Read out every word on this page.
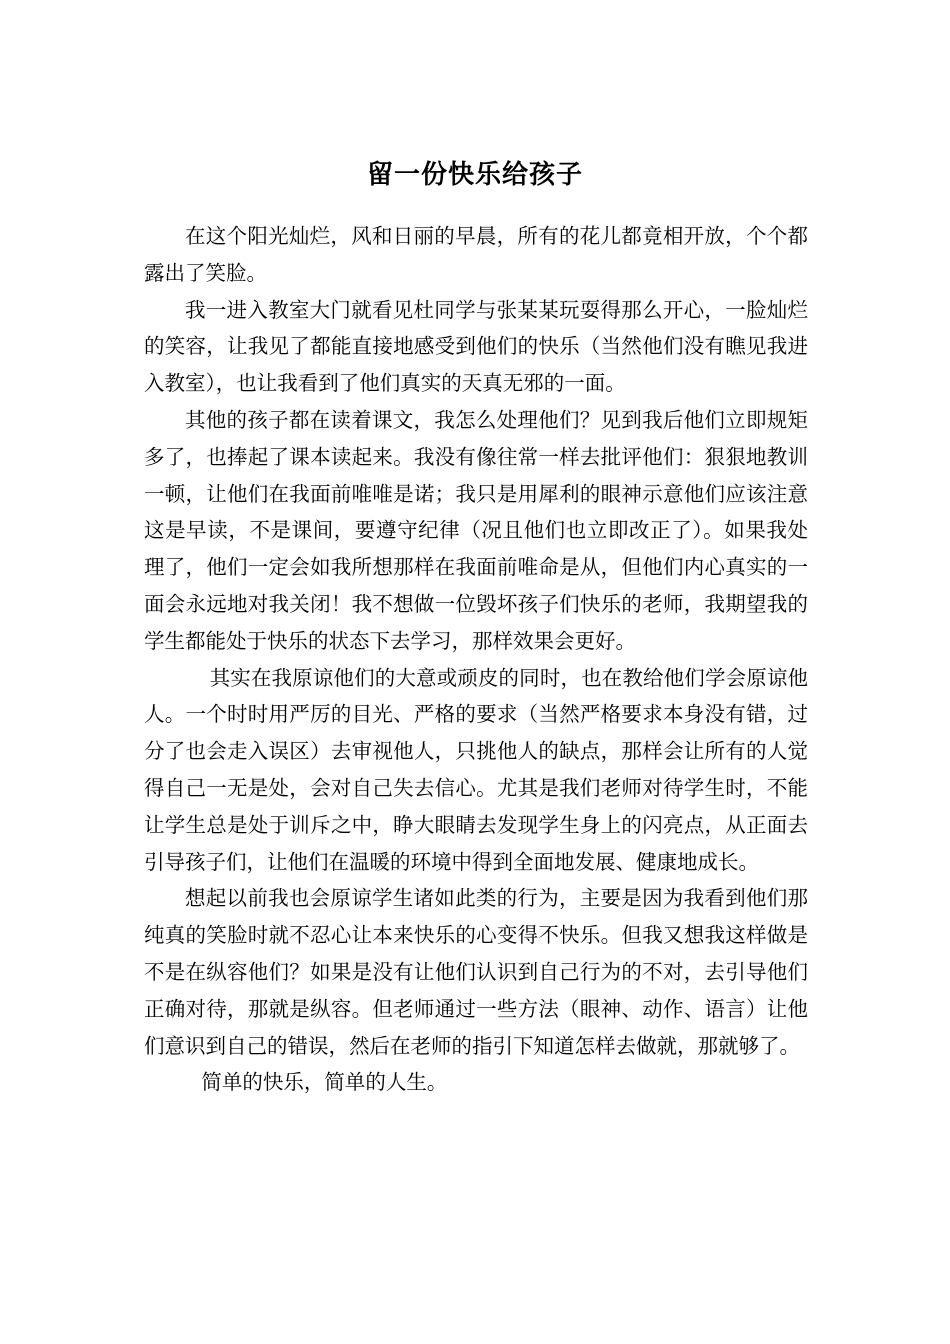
留一份快乐给孩子

在这个阳光灿烂，风和日丽的早晨，所有的花儿都竟相开放，个个都露出了笑脸。

我一进入教室大门就看见杜同学与张某某玩耍得那么开心，一脸灿烂的笑容，让我见了都能直接地感受到他们的快乐（当然他们没有瞧见我进入教室），也让我看到了他们真实的天真无邪的一面。

其他的孩子都在读着课文，我怎么处理他们？见到我后他们立即规矩多了，也捧起了课本读起来。我没有像往常一样去批评他们：狠狠地教训一顿，让他们在我面前唯唯是诺；我只是用犀利的眼神示意他们应该注意这是早读，不是课间，要遵守纪律（况且他们也立即改正了）。如果我处理了，他们一定会如我所想那样在我面前唯命是从，但他们内心真实的一面会永远地对我关闭！我不想做一位毁坏孩子们快乐的老师，我期望我的学生都能处于快乐的状态下去学习，那样效果会更好。

其实在我原谅他们的大意或顽皮的同时，也在教给他们学会原谅他人。一个时时用严厉的目光、严格的要求（当然严格要求本身没有错，过分了也会走入误区）去审视他人，只挑他人的缺点，那样会让所有的人觉得自己一无是处，会对自己失去信心。尤其是我们老师对待学生时，不能让学生总是处于训斥之中，睁大眼睛去发现学生身上的闪亮点，从正面去引导孩子们，让他们在温暖的环境中得到全面地发展、健康地成长。

想起以前我也会原谅学生诸如此类的行为，主要是因为我看到他们那纯真的笑脸时就不忍心让本来快乐的心变得不快乐。但我又想我这样做是不是在纵容他们？如果是没有让他们认识到自己行为的不对，去引导他们正确对待，那就是纵容。但老师通过一些方法（眼神、动作、语言）让他们意识到自己的错误，然后在老师的指引下知道怎样去做就，那就够了。

简单的快乐，简单的人生。
